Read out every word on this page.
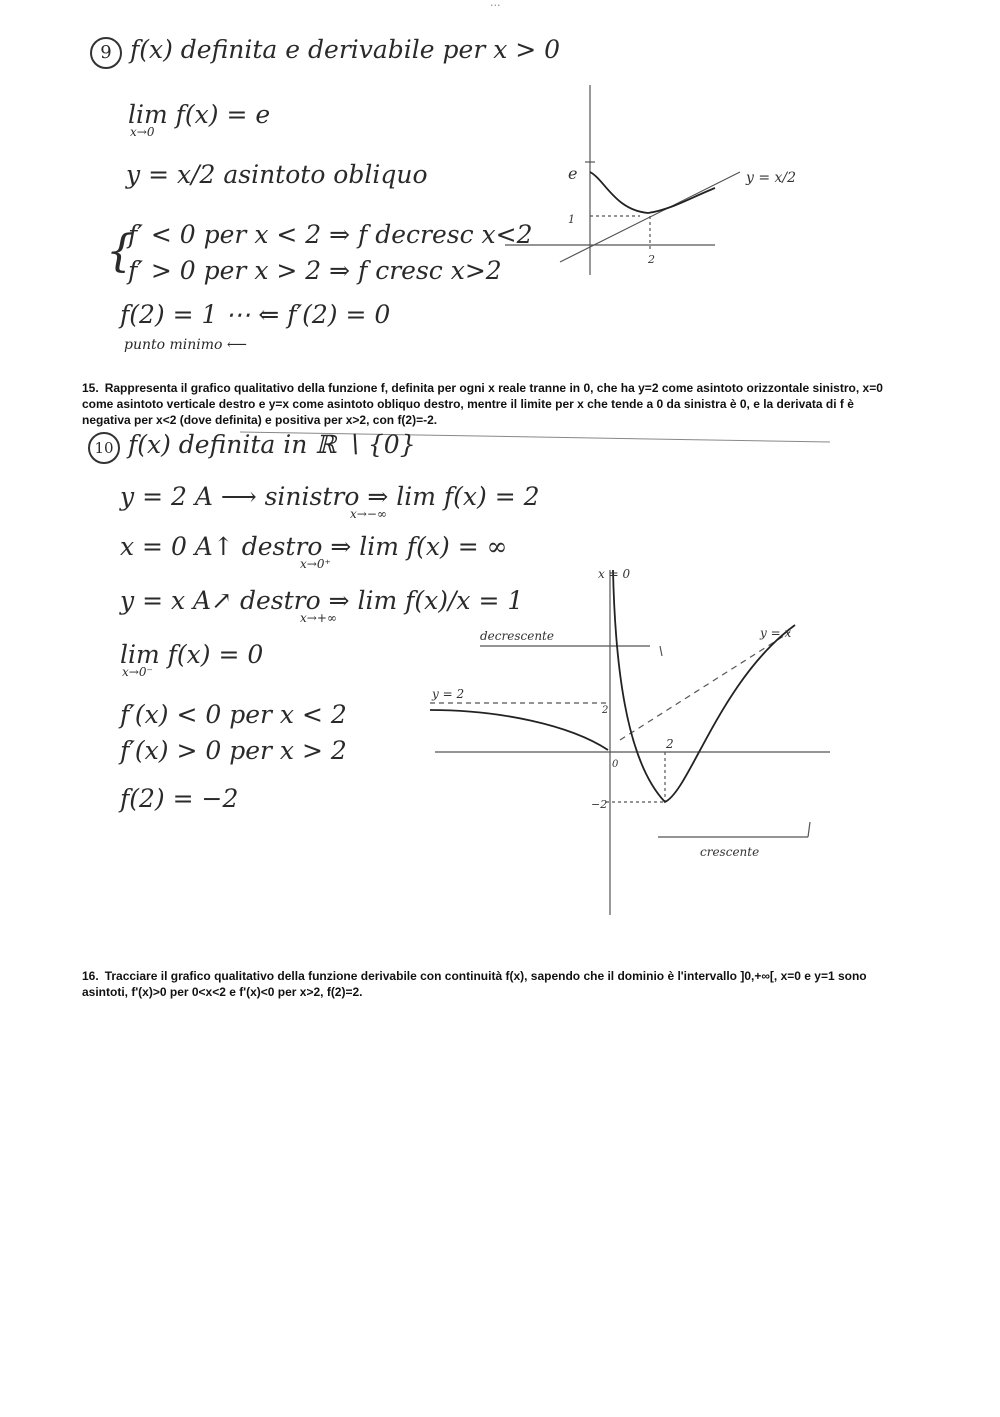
...
9 f(x) definita e derivabile per x > 0
lim f(x) = e
x→0
y = x/2 asintoto obliquo
{
f′ < 0 per x < 2 ⇒ f decresc x<2
f′ > 0 per x > 2 ⇒ f cresc x>2
f(2) = 1 ⋯ ⇐ f′(2) = 0
punto minimo ⟵
e
1
2
y = x/2
15. Rappresenta il grafico qualitativo della funzione f, definita per ogni x reale tranne in 0, che ha y=2 come asintoto orizzontale sinistro, x=0 come asintoto verticale destro e y=x come asintoto obliquo destro, mentre il limite per x che tende a 0 da sinistra è 0, e la derivata di f è negativa per x<2 (dove definita) e positiva per x>2, con f(2)=-2.
10 f(x) definita in ℝ ∖ {0}
y = 2 A ⟶ sinistro ⇒ lim f(x) = 2
x→−∞
x = 0 A↑ destro ⇒ lim f(x) = ∞
x→0⁺
y = x A↗ destro ⇒ lim f(x)/x = 1
x→+∞
lim f(x) = 0
x→0⁻
f′(x) < 0 per x < 2
f′(x) > 0 per x > 2
f(2) = −2
x = 0
y = x
y = 2
2
2
0
−2
decrescente
crescente
16. Tracciare il grafico qualitativo della funzione derivabile con continuità f(x), sapendo che il dominio è l'intervallo ]0,+∞[, x=0 e y=1 sono asintoti, f'(x)>0 per 0<x<2 e f'(x)<0 per x>2, f(2)=2.
